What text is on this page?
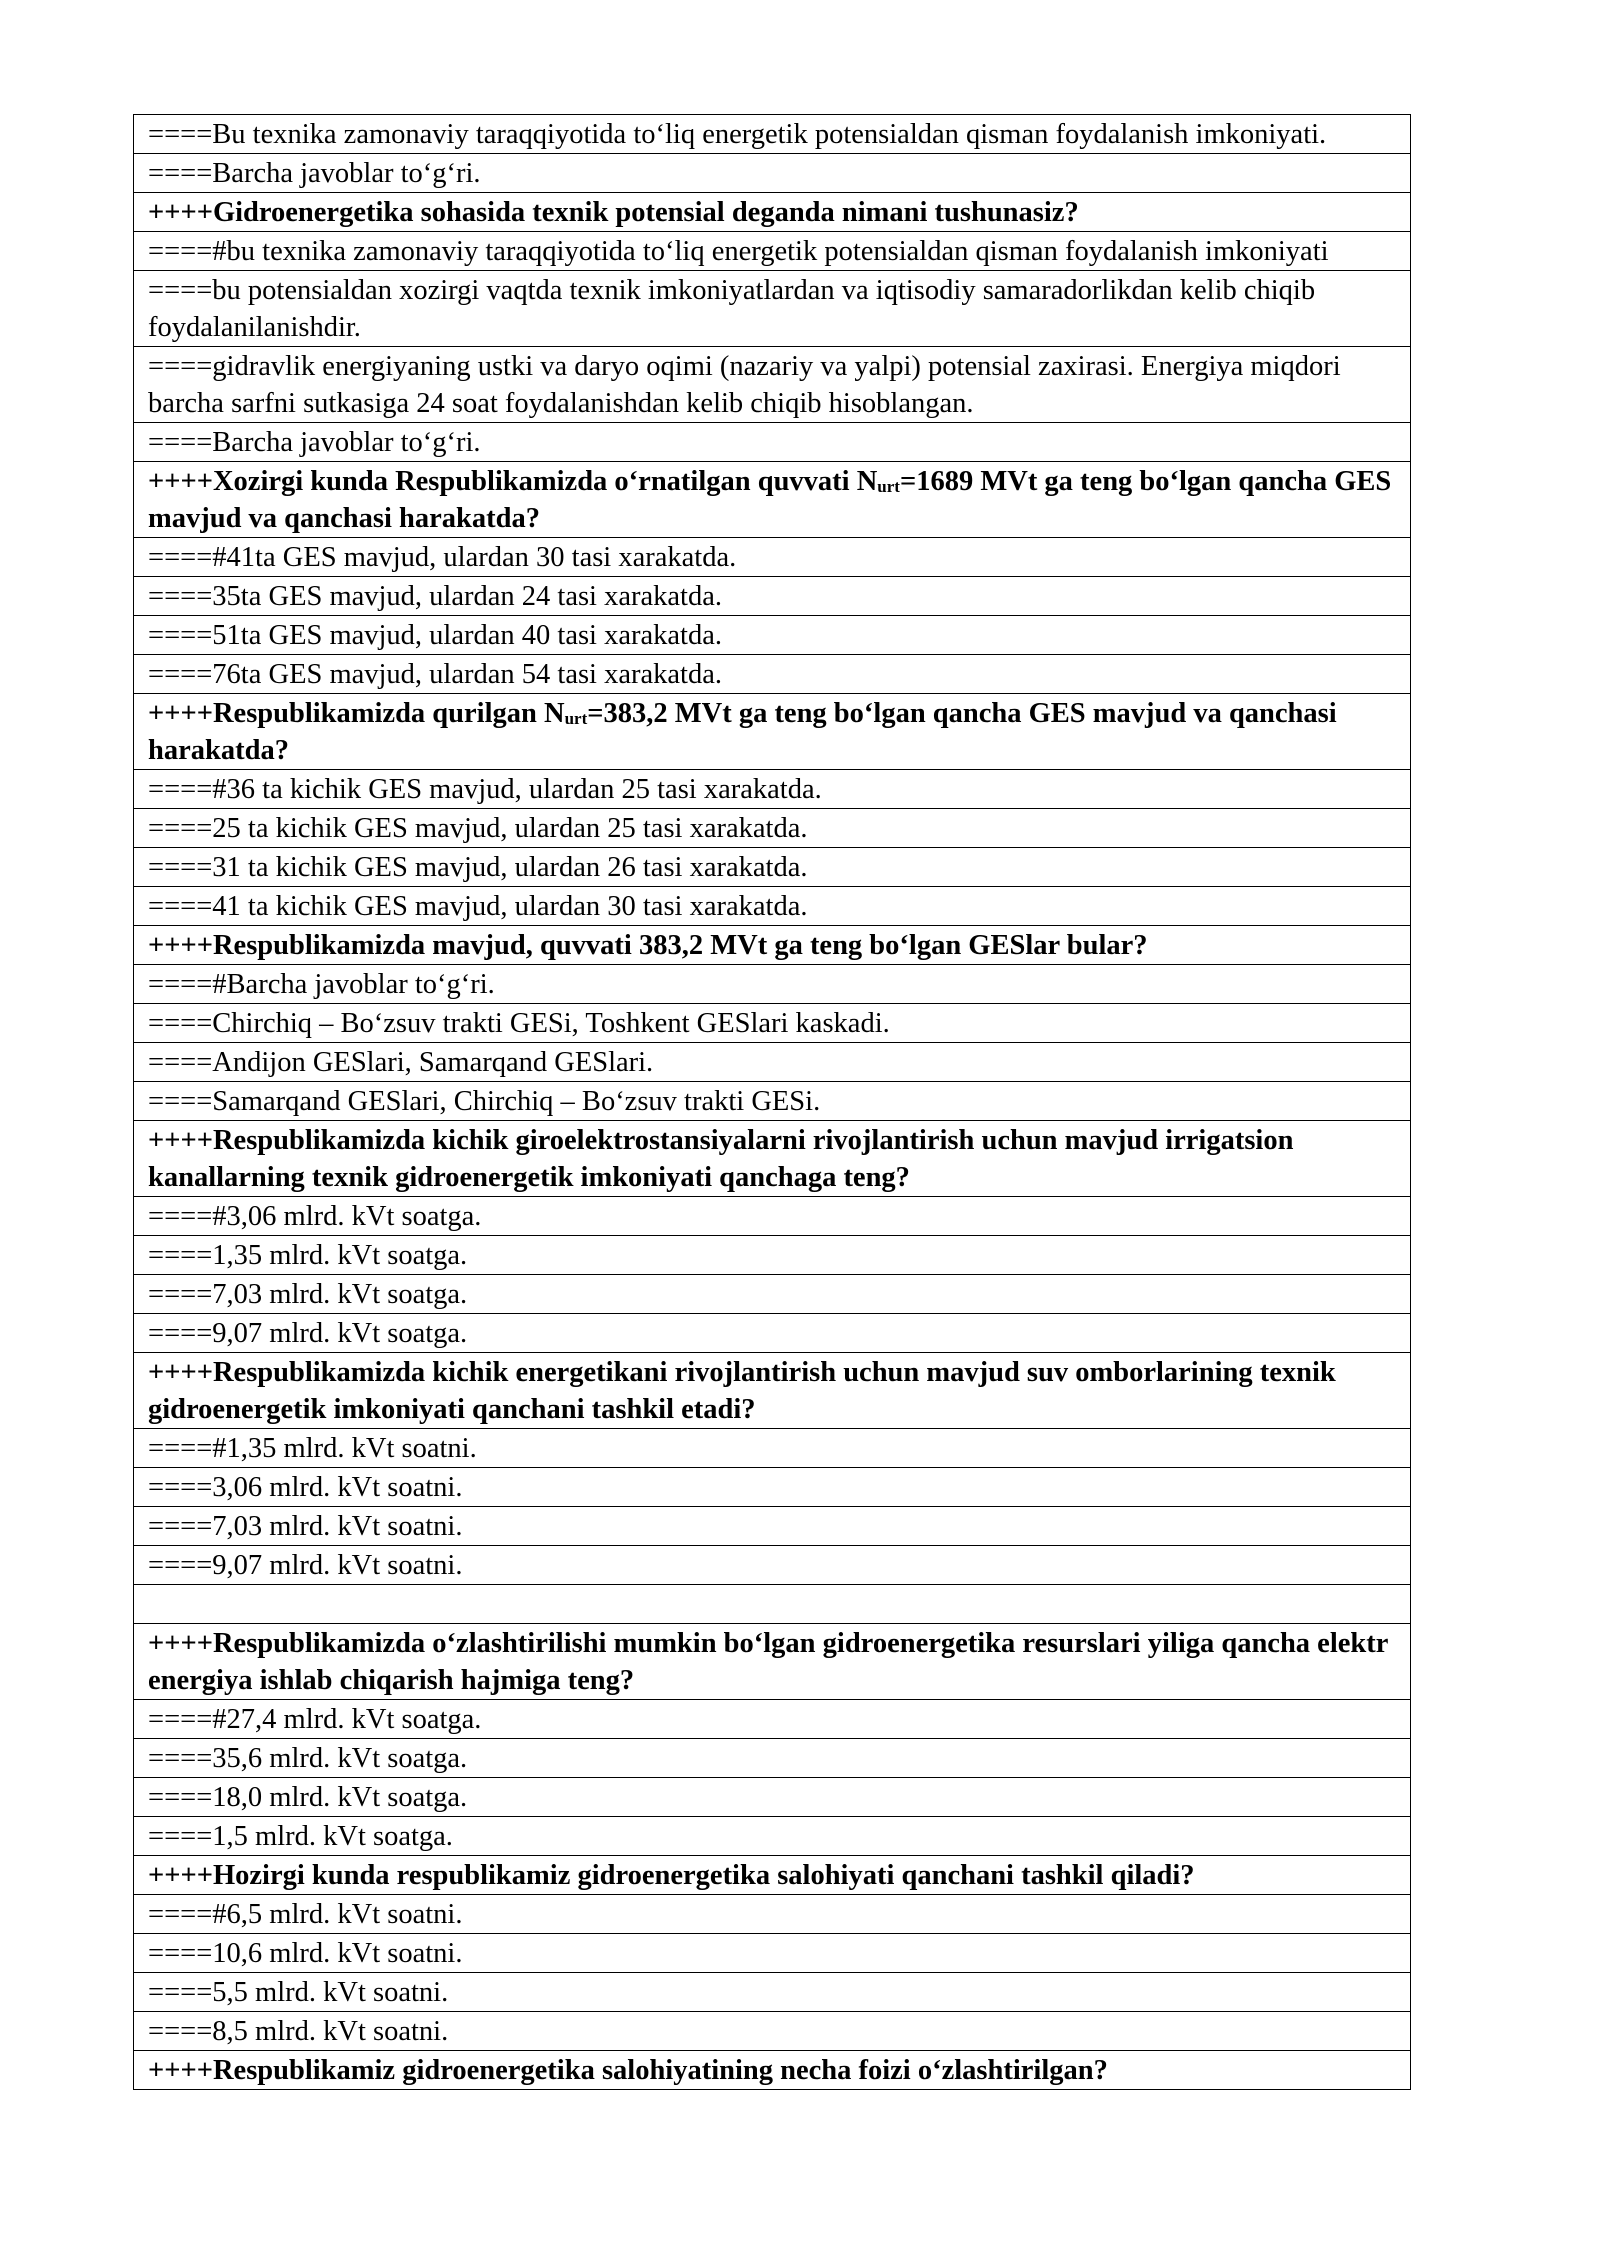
====Bu texnika zamonaviy taraqqiyotida to‘liq energetik potensialdan qisman foydalanish imkoniyati.
====Barcha javoblar to‘g‘ri.
++++Gidroenergetika sohasida texnik potensial deganda nimani tushunasiz?
====#bu texnika zamonaviy taraqqiyotida to‘liq energetik potensialdan qisman foydalanish imkoniyati
====bu potensialdan xozirgi vaqtda texnik imkoniyatlardan va iqtisodiy samaradorlikdan kelib chiqib foydalanilanishdir.
====gidravlik energiyaning ustki va daryo oqimi (nazariy va yalpi) potensial zaxirasi. Energiya miqdori barcha sarfni sutkasiga 24 soat foydalanishdan kelib chiqib hisoblangan.
====Barcha javoblar to‘g‘ri.
++++Xozirgi kunda Respublikamizda o‘rnatilgan quvvati $N_{urt}=1689$ MVt ga teng bo‘lgan qancha GES mavjud va qanchasi harakatda?
====#41ta GES mavjud, ulardan 30 tasi xarakatda.
====35ta GES mavjud, ulardan 24 tasi xarakatda.
====51ta GES mavjud, ulardan 40 tasi xarakatda.
====76ta GES mavjud, ulardan 54 tasi xarakatda.
++++Respublikamizda qurilgan $N_{urt}=383,2$ MVt ga teng bo‘lgan qancha GES mavjud va qanchasi harakatda?
====#36 ta kichik GES mavjud, ulardan 25 tasi xarakatda.
====25 ta kichik GES mavjud, ulardan 25 tasi xarakatda.
====31 ta kichik GES mavjud, ulardan 26 tasi xarakatda.
====41 ta kichik GES mavjud, ulardan 30 tasi xarakatda.
++++Respublikamizda mavjud, quvvati 383,2 MVt ga teng bo‘lgan GESlar bular?
====#Barcha javoblar to‘g‘ri.
====Chirchiq – Bo‘zsuv trakti GESi, Toshkent GESlari kaskadi.
====Andijon GESlari, Samarqand GESlari.
====Samarqand GESlari, Chirchiq – Bo‘zsuv trakti GESi.
++++Respublikamizda kichik giroelektrostansiyalarni rivojlantirish uchun mavjud irrigatsion kanallarning texnik gidroenergetik imkoniyati qanchaga teng?
====#3,06 mlrd. kVt soatga.
====1,35 mlrd. kVt soatga.
====7,03 mlrd. kVt soatga.
====9,07 mlrd. kVt soatga.
++++Respublikamizda kichik energetikani rivojlantirish uchun mavjud suv omborlarining texnik gidroenergetik imkoniyati qanchani tashkil etadi?
====#1,35 mlrd. kVt soatni.
====3,06 mlrd. kVt soatni.
====7,03 mlrd. kVt soatni.
====9,07 mlrd. kVt soatni.

++++Respublikamizda o‘zlashtirilishi mumkin bo‘lgan gidroenergetika resurslari yiliga qancha elektr energiya ishlab chiqarish hajmiga teng?
====#27,4 mlrd. kVt soatga.
====35,6 mlrd. kVt soatga.
====18,0 mlrd. kVt soatga.
====1,5 mlrd. kVt soatga.
++++Hozirgi kunda respublikamiz gidroenergetika salohiyati qanchani tashkil qiladi?
====#6,5 mlrd. kVt soatni.
====10,6 mlrd. kVt soatni.
====5,5 mlrd. kVt soatni.
====8,5 mlrd. kVt soatni.
++++Respublikamiz gidroenergetika salohiyatining necha foizi o‘zlashtirilgan?
